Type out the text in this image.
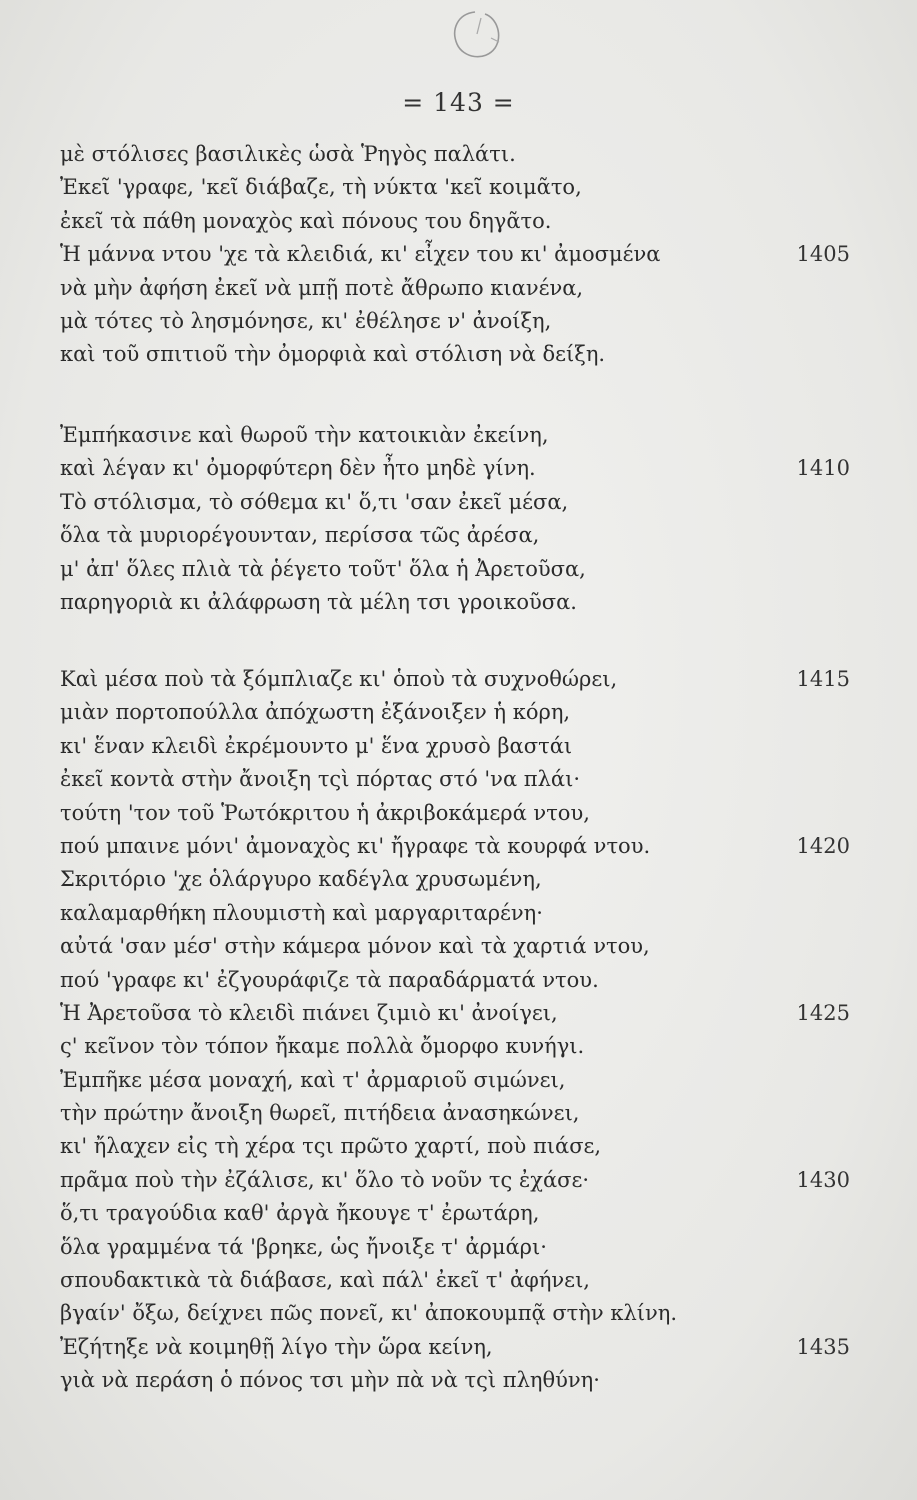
= 143 =
μὲ στόλισες βασιλικὲς ὡσὰ Ῥηγὸς παλάτι.
Ἐκεῖ 'γραφε, 'κεῖ διάβαζε, τὴ νύκτα 'κεῖ κοιμᾶτο,
ἐκεῖ τὰ πάθη μοναχὸς καὶ πόνους του δηγᾶτο.
Ἡ μάννα ντου 'χε τὰ κλειδιά, κι' εἶχεν του κι' ἀμοσμένα	1405
νὰ μὴν ἀφήση ἐκεῖ νὰ μπῇ ποτὲ ἄθρωπο κιανένα,
μὰ τότες τὸ λησμόνησε, κι' ἐθέλησε ν' ἀνοίξη,
καὶ τοῦ σπιτιοῦ τὴν ὀμορφιὰ καὶ στόλιση νὰ δείξη.
Ἐμπήκασινε καὶ θωροῦ τὴν κατοικιὰν ἐκείνη,
καὶ λέγαν κι' ὀμορφύτερη δὲν ἦτο μηδὲ γίνη.	1410
Τὸ στόλισμα, τὸ σόθεμα κι' ὅ,τι 'σαν ἐκεῖ μέσα,
ὅλα τὰ μυριορέγουνταν, περίσσα τῶς ἀρέσα,
μ' ἀπ' ὅλες πλιὰ τὰ ῥέγετο τοῦτ' ὅλα ἡ Ἀρετοῦσα,
παρηγοριὰ κι ἀλάφρωση τὰ μέλη τσι γροικοῦσα.
Καὶ μέσα ποὺ τὰ ξόμπλιαζε κι' ὁποὺ τὰ συχνοθώρει,	1415
μιὰν πορτοπούλλα ἀπόχωστη ἐξάνοιξεν ἡ κόρη,
κι' ἕναν κλειδὶ ἐκρέμουντο μ' ἕνα χρυσὸ βαστάι
ἐκεῖ κοντὰ στὴν ἄνοιξη τςὶ πόρτας στό 'να πλάι·
τούτη 'τον τοῦ Ῥωτόκριτου ἡ ἀκριβοκάμερά ντου,
πού μπαινε μόνι' ἀμοναχὸς κι' ἤγραφε τὰ κουρφά ντου.	1420
Σκριτόριο 'χε ὁλάργυρο καδέγλα χρυσωμένη,
καλαμαρθήκη πλουμιστὴ καὶ μαργαριταρένη·
αὐτά 'σαν μέσ' στὴν κάμερα μόνον καὶ τὰ χαρτιά ντου,
πού 'γραφε κι' ἐζγουράφιζε τὰ παραδάρματά ντου.
Ἡ Ἀρετοῦσα τὸ κλειδὶ πιάνει ζιμιὸ κι' ἀνοίγει,	1425
ς' κεῖνον τὸν τόπον ἤκαμε πολλὰ ὄμορφο κυνήγι.
Ἐμπῆκε μέσα μοναχή, καὶ τ' ἀρμαριοῦ σιμώνει,
τὴν πρώτην ἄνοιξη θωρεῖ, πιτήδεια ἀνασηκώνει,
κι' ἤλαχεν εἰς τὴ χέρα τςι πρῶτο χαρτί, ποὺ πιάσε,
πρᾶμα ποὺ τὴν ἐζάλισε, κι' ὅλο τὸ νοῦν τς ἐχάσε·	1430
ὅ,τι τραγούδια καθ' ἀργὰ ἤκουγε τ' ἐρωτάρη,
ὅλα γραμμένα τά 'βρηκε, ὡς ἤνοιξε τ' ἀρμάρι·
σπουδακτικὰ τὰ διάβασε, καὶ πάλ' ἐκεῖ τ' ἀφήνει,
βγαίν' ὄξω, δείχνει πῶς πονεῖ, κι' ἀποκουμπᾷ στὴν κλίνη.
Ἐζήτηξε νὰ κοιμηθῇ λίγο τὴν ὥρα κείνη,	1435
γιὰ νὰ περάση ὁ πόνος τσι μὴν πὰ νὰ τςὶ πληθύνη·
